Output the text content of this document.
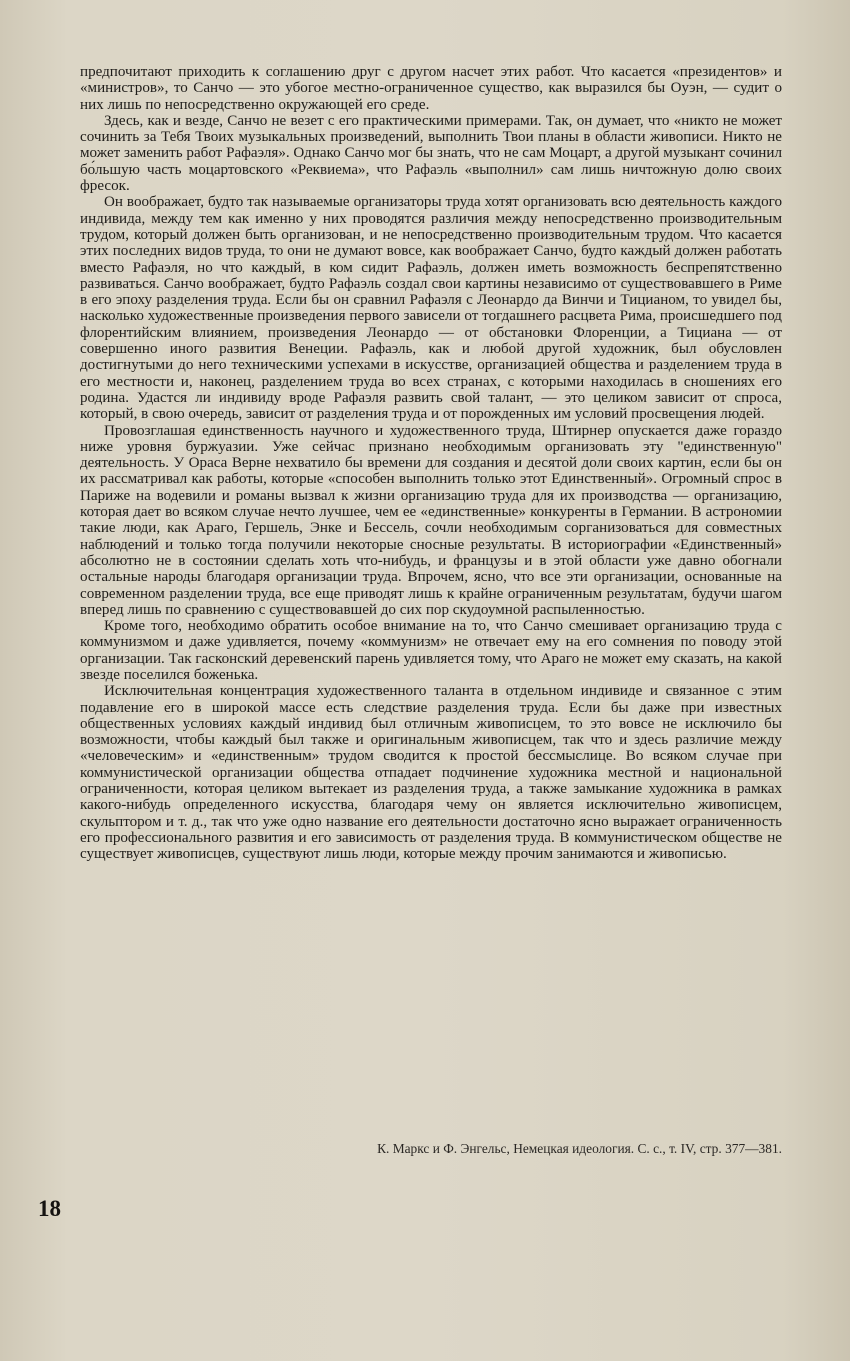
предпочитают приходить к соглашению друг с другом насчет этих работ. Что касается «президентов» и «министров», то Санчо — это убогое местно-ограниченное существо, как выразился бы Оуэн, — судит о них лишь по непосредственно окружающей его среде.

Здесь, как и везде, Санчо не везет с его практическими примерами. Так, он думает, что «никто не может сочинить за Тебя Твоих музыкальных произведений, выполнить Твои планы в области живописи. Никто не может заменить работ Рафаэля». Однако Санчо мог бы знать, что не сам Моцарт, а другой музыкант сочинил бо́льшую часть моцартовского «Реквиема», что Рафаэль «выполнил» сам лишь ничтожную долю своих фресок.

Он воображает, будто так называемые организаторы труда хотят организовать всю деятельность каждого индивида, между тем как именно у них проводятся различия между непосредственно производительным трудом, который должен быть организован, и не непосредственно производительным трудом. Что касается этих последних видов труда, то они не думают вовсе, как воображает Санчо, будто каждый должен работать вместо Рафаэля, но что каждый, в ком сидит Рафаэль, должен иметь возможность беспрепятственно развиваться. Санчо воображает, будто Рафаэль создал свои картины независимо от существовавшего в Риме в его эпоху разделения труда. Если бы он сравнил Рафаэля с Леонардо да Винчи и Тицианом, то увидел бы, насколько художественные произведения первого зависели от тогдашнего расцвета Рима, происшедшего под флорентийским влиянием, произведения Леонардо — от обстановки Флоренции, а Тициана — от совершенно иного развития Венеции. Рафаэль, как и любой другой художник, был обусловлен достигнутыми до него техническими успехами в искусстве, организацией общества и разделением труда в его местности и, наконец, разделением труда во всех странах, с которыми находилась в сношениях его родина. Удастся ли индивиду вроде Рафаэля развить свой талант, — это целиком зависит от спроса, который, в свою очередь, зависит от разделения труда и от порожденных им условий просвещения людей.

Провозглашая единственность научного и художественного труда, Штирнер опускается даже гораздо ниже уровня буржуазии. Уже сейчас признано необходимым организовать эту "единственную" деятельность. У Ораса Верне нехватило бы времени для создания и десятой доли своих картин, если бы он их рассматривал как работы, которые «способен выполнить только этот Единственный». Огромный спрос в Париже на водевили и романы вызвал к жизни организацию труда для их производства — организацию, которая дает во всяком случае нечто лучшее, чем ее «единственные» конкуренты в Германии. В астрономии такие люди, как Араго, Гершель, Энке и Бессель, сочли необходимым сорганизоваться для совместных наблюдений и только тогда получили некоторые сносные результаты. В историографии «Единственный» абсолютно не в состоянии сделать хоть что-нибудь, и французы и в этой области уже давно обогнали остальные народы благодаря организации труда. Впрочем, ясно, что все эти организации, основанные на современном разделении труда, все еще приводят лишь к крайне ограниченным результатам, будучи шагом вперед лишь по сравнению с существовавшей до сих пор скудоумной распыленностью.

Кроме того, необходимо обратить особое внимание на то, что Санчо смешивает организацию труда с коммунизмом и даже удивляется, почему «коммунизм» не отвечает ему на его сомнения по поводу этой организации. Так гасконский деревенский парень удивляется тому, что Араго не может ему сказать, на какой звезде поселился боженька.

Исключительная концентрация художественного таланта в отдельном индивиде и связанное с этим подавление его в широкой массе есть следствие разделения труда. Если бы даже при известных общественных условиях каждый индивид был отличным живописцем, то это вовсе не исключило бы возможности, чтобы каждый был также и оригинальным живописцем, так что и здесь различие между «человеческим» и «единственным» трудом сводится к простой бессмыслице. Во всяком случае при коммунистической организации общества отпадает подчинение художника местной и национальной ограниченности, которая целиком вытекает из разделения труда, а также замыкание художника в рамках какого-нибудь определенного искусства, благодаря чему он является исключительно живописцем, скульптором и т. д., так что уже одно название его деятельности достаточно ясно выражает ограниченность его профессионального развития и его зависимость от разделения труда. В коммунистическом обществе не существует живописцев, существуют лишь люди, которые между прочим занимаются и живописью.

К. Маркс и Ф. Энгельс, Немецкая идеология. С. с., т. IV, стр. 377—381.
18
